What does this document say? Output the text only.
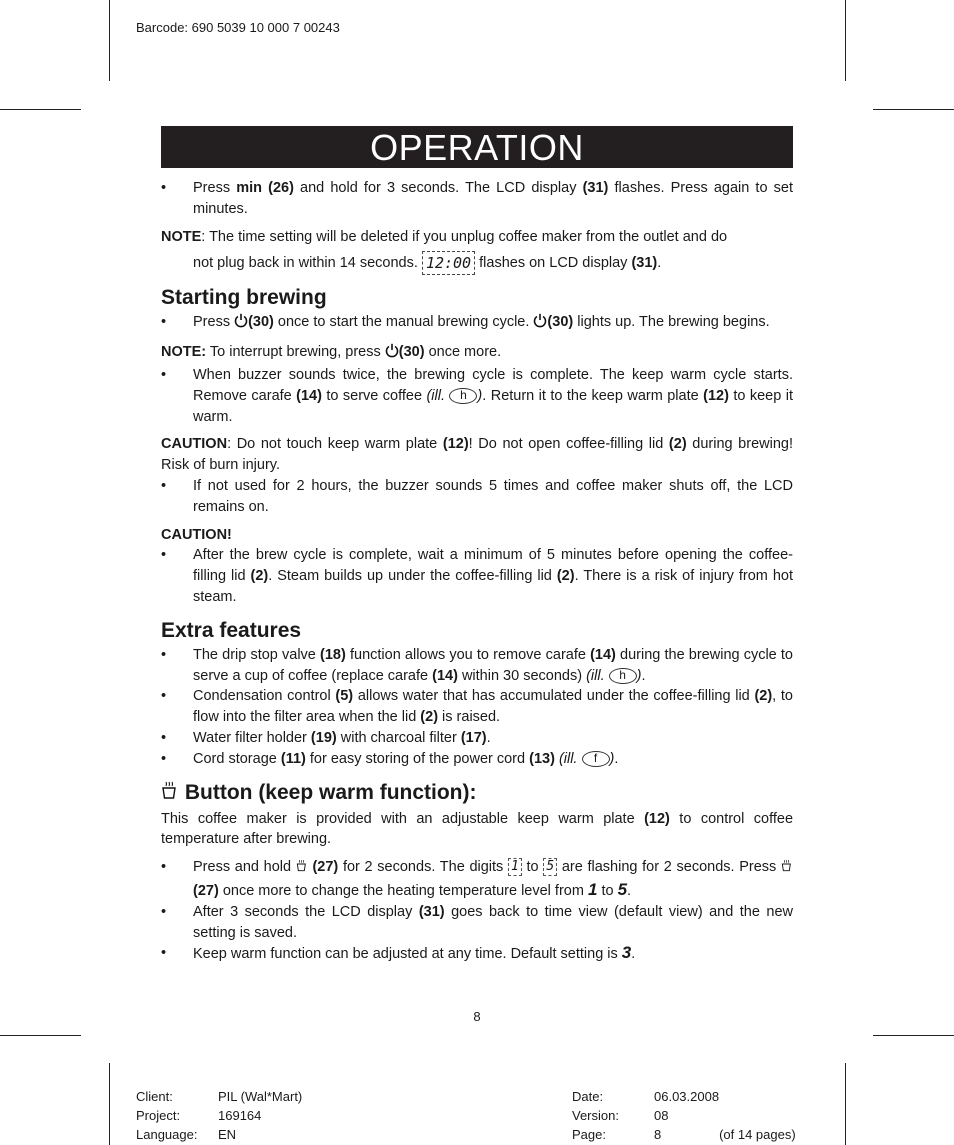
Barcode: 690 5039 10 000 7 00243
OPERATION

• Press min (26) and hold for 3 seconds. The LCD display (31) flashes. Press again to set minutes.

NOTE: The time setting will be deleted if you unplug coffee maker from the outlet and do

not plug back in within 14 seconds. 12:00 flashes on LCD display (31).

Starting brewing

• Press (30) once to start the manual brewing cycle. (30) lights up. The brewing begins.

NOTE: To interrupt brewing, press (30) once more.

• When buzzer sounds twice, the brewing cycle is complete. The keep warm cycle starts. Remove carafe (14) to serve coffee (ill. h ). Return it to the keep warm plate (12) to keep it warm.

CAUTION: Do not touch keep warm plate (12)! Do not open coffee-filling lid (2) during brewing! Risk of burn injury.

• If not used for 2 hours, the buzzer sounds 5 times and coffee maker shuts off, the LCD remains on.

CAUTION!

• After the brew cycle is complete, wait a minimum of 5 minutes before opening the coffee-filling lid (2). Steam builds up under the coffee-filling lid (2). There is a risk of injury from hot steam.

Extra features

• The drip stop valve (18) function allows you to remove carafe (14) during the brewing cycle to serve a cup of coffee (replace carafe (14) within 30 seconds) (ill. h ).

• Condensation control (5) allows water that has accumulated under the coffee-filling lid (2), to flow into the filter area when the lid (2) is raised.

• Water filter holder (19) with charcoal filter (17).

• Cord storage (11) for easy storing of the power cord (13) (ill. f ).

Button (keep warm function):

This coffee maker is provided with an adjustable keep warm plate (12) to control coffee temperature after brewing.

• Press and hold  (27) for 2 seconds. The digits 1 to 5 are flashing for 2 seconds. Press  (27) once more to change the heating temperature level from 1 to 5.

• After 3 seconds the LCD display (31) goes back to time view (default view) and the new setting is saved.

• Keep warm function can be adjusted at any time. Default setting is 3.

8
Client:	PIL (Wal*Mart)
Project:	169164
Language:	EN
Date:	06.03.2008	
Version:	08	
Page:	8	(of 14 pages)
